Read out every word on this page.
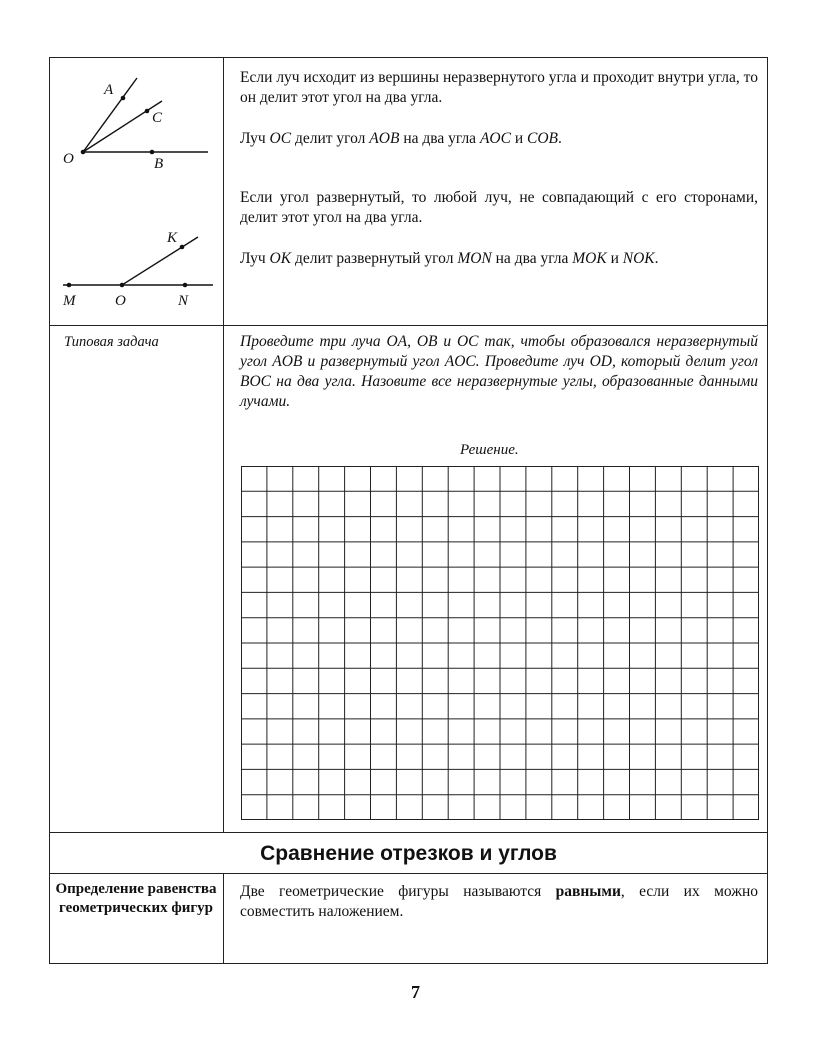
A
C
O	B
K
M	O	N
Если луч исходит из вершины неразвернутого угла и проходит внутри угла, то он делит этот угол на два угла.
Луч OC делит угол AOB на два угла AOC и COB.
Если угол развернутый, то любой луч, не совпадающий с его сторонами, делит этот угол на два угла.
Луч OK делит развернутый угол MON на два угла MOK и NOK.
Типовая задача	Проведите три луча OA, OB и OC так, чтобы образовался неразвернутый угол AOB и развернутый угол AOC. Проведите луч OD, который делит угол BOC на два угла. Назовите все неразвернутые углы, образованные данными лучами.
Решение.
Сравнение отрезков и углов
Определение равенства геометрических фигур
Две геометрические фигуры называются равными, если их можно совместить наложением.
7
